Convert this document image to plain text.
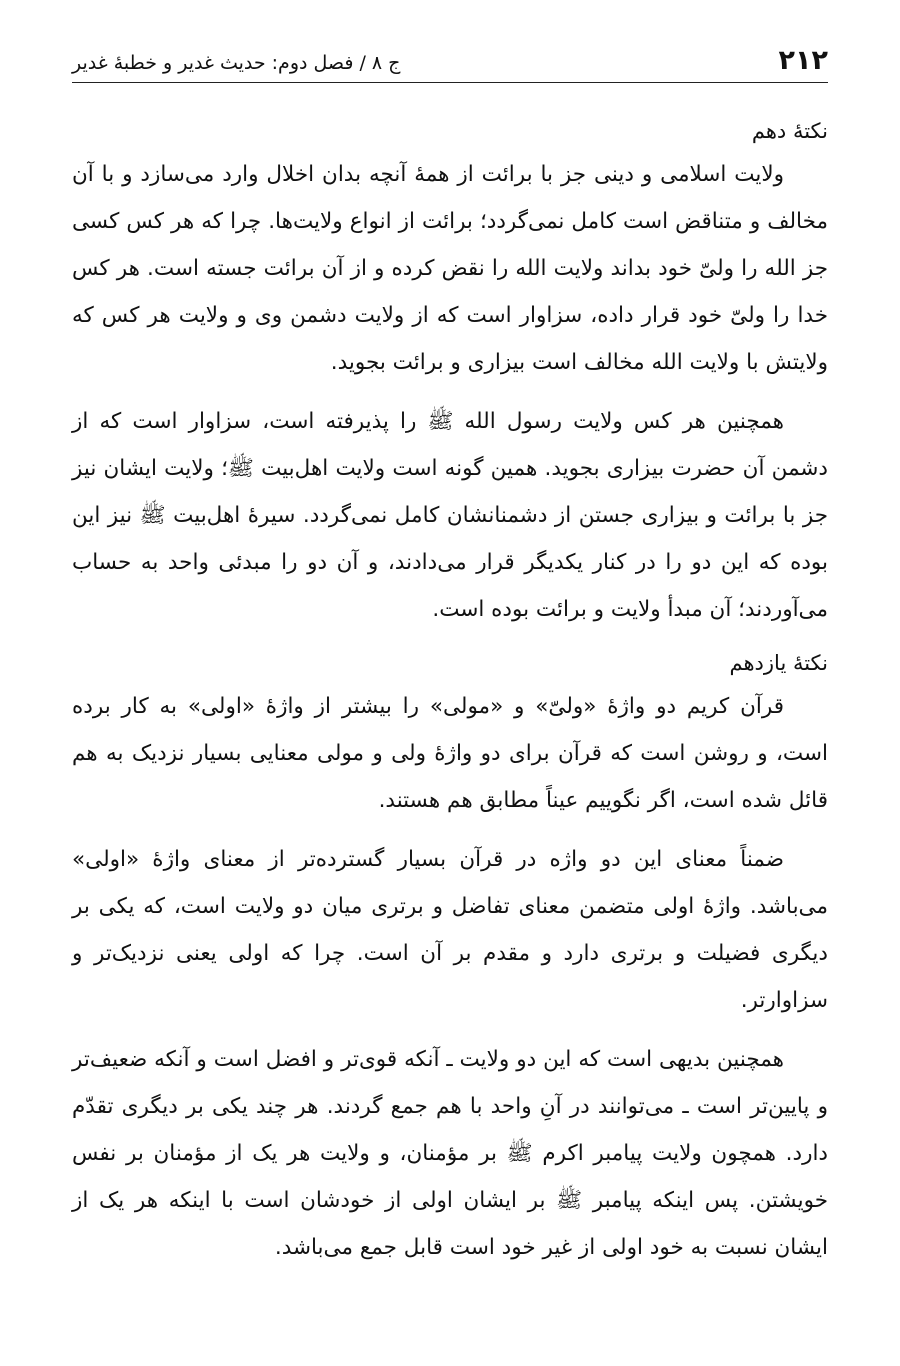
۲۱۲
ج ۸ / فصل دوم: حدیث غدیر و خطبهٔ غدیر
نکتهٔ دهم

ولایت اسلامی و دینی جز با برائت از همهٔ آنچه بدان اخلال وارد می‌سازد و با آن مخالف و متناقض است کامل نمی‌گردد؛ برائت از انواع ولایت‌ها. چرا که هر کس کسی جز الله را ولیّ خود بداند ولایت الله را نقض کرده و از آن برائت جسته است. هر کس خدا را ولیّ خود قرار داده، سزاوار است که از ولایت دشمن وی و ولایت هر کس که ولایتش با ولایت الله مخالف است بیزاری و برائت بجوید.

همچنین هر کس ولایت رسول الله ﷺ را پذیرفته است، سزاوار است که از دشمن آن حضرت بیزاری بجوید. همین گونه است ولایت اهل‌بیت ﷺ؛ ولایت ایشان نیز جز با برائت و بیزاری جستن از دشمنانشان کامل نمی‌گردد. سیرهٔ اهل‌بیت ﷺ نیز این بوده که این دو را در کنار یکدیگر قرار می‌دادند، و آن دو را مبدئی واحد به حساب می‌آوردند؛ آن مبدأ ولایت و برائت بوده است.

نکتهٔ یازدهم

قرآن کریم دو واژهٔ «ولیّ» و «مولی» را بیشتر از واژهٔ «اولی» به کار برده است، و روشن است که قرآن برای دو واژهٔ ولی و مولی معنایی بسیار نزدیک به هم قائل شده است، اگر نگوییم عیناً مطابق هم هستند.

ضمناً معنای این دو واژه در قرآن بسیار گسترده‌تر از معنای واژهٔ «اولی» می‌باشد. واژهٔ اولی متضمن معنای تفاضل و برتری میان دو ولایت است، که یکی بر دیگری فضیلت و برتری دارد و مقدم بر آن است. چرا که اولی یعنی نزدیک‌تر و سزاوارتر.

همچنین بدیهی است که این دو ولایت ـ آنکه قوی‌تر و افضل است و آنکه ضعیف‌تر و پایین‌تر است ـ می‌توانند در آنِ واحد با هم جمع گردند. هر چند یکی بر دیگری تقدّم دارد. همچون ولایت پیامبر اکرم ﷺ بر مؤمنان، و ولایت هر یک از مؤمنان بر نفس خویشتن. پس اینکه پیامبر ﷺ بر ایشان اولی از خودشان است با اینکه هر یک از ایشان نسبت به خود اولی از غیر خود است قابل جمع می‌باشد.
